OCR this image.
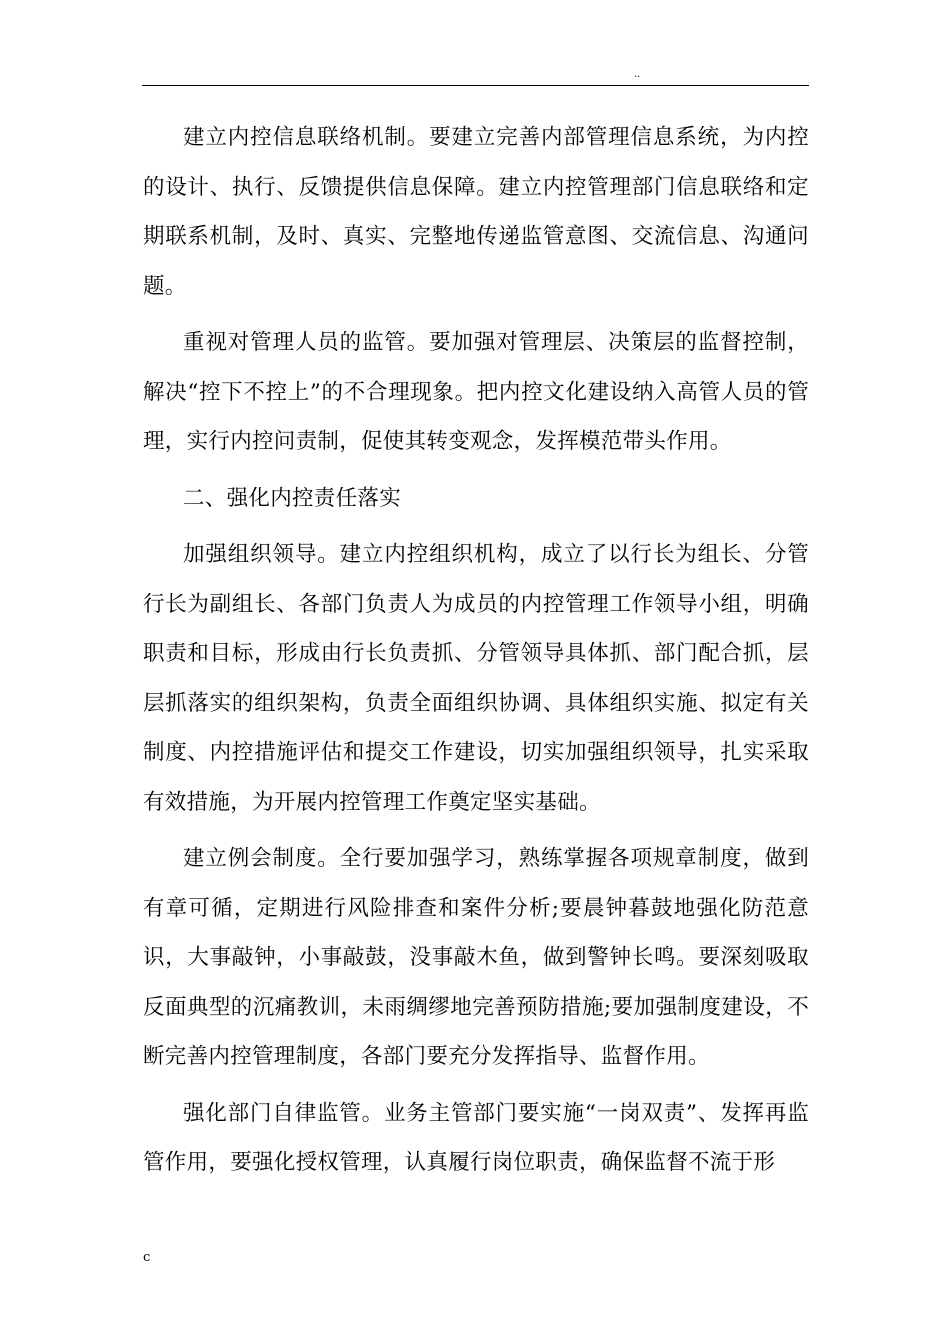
..

建立内控信息联络机制。要建立完善内部管理信息系统，为内控的设计、执行、反馈提供信息保障。建立内控管理部门信息联络和定期联系机制，及时、真实、完整地传递监管意图、交流信息、沟通问题。

重视对管理人员的监管。要加强对管理层、决策层的监督控制，解决“控下不控上”的不合理现象。把内控文化建设纳入高管人员的管理，实行内控问责制，促使其转变观念，发挥模范带头作用。

二、强化内控责任落实

加强组织领导。建立内控组织机构，成立了以行长为组长、分管行长为副组长、各部门负责人为成员的内控管理工作领导小组，明确职责和目标，形成由行长负责抓、分管领导具体抓、部门配合抓，层层抓落实的组织架构，负责全面组织协调、具体组织实施、拟定有关制度、内控措施评估和提交工作建设，切实加强组织领导，扎实采取有效措施，为开展内控管理工作奠定坚实基础。

建立例会制度。全行要加强学习，熟练掌握各项规章制度，做到有章可循，定期进行风险排查和案件分析;要晨钟暮鼓地强化防范意识，大事敲钟，小事敲鼓，没事敲木鱼，做到警钟长鸣。要深刻吸取反面典型的沉痛教训，未雨绸缪地完善预防措施;要加强制度建设，不断完善内控管理制度，各部门要充分发挥指导、监督作用。

强化部门自律监管。业务主管部门要实施“一岗双责”、发挥再监管作用，要强化授权管理，认真履行岗位职责，确保监督不流于形

c
